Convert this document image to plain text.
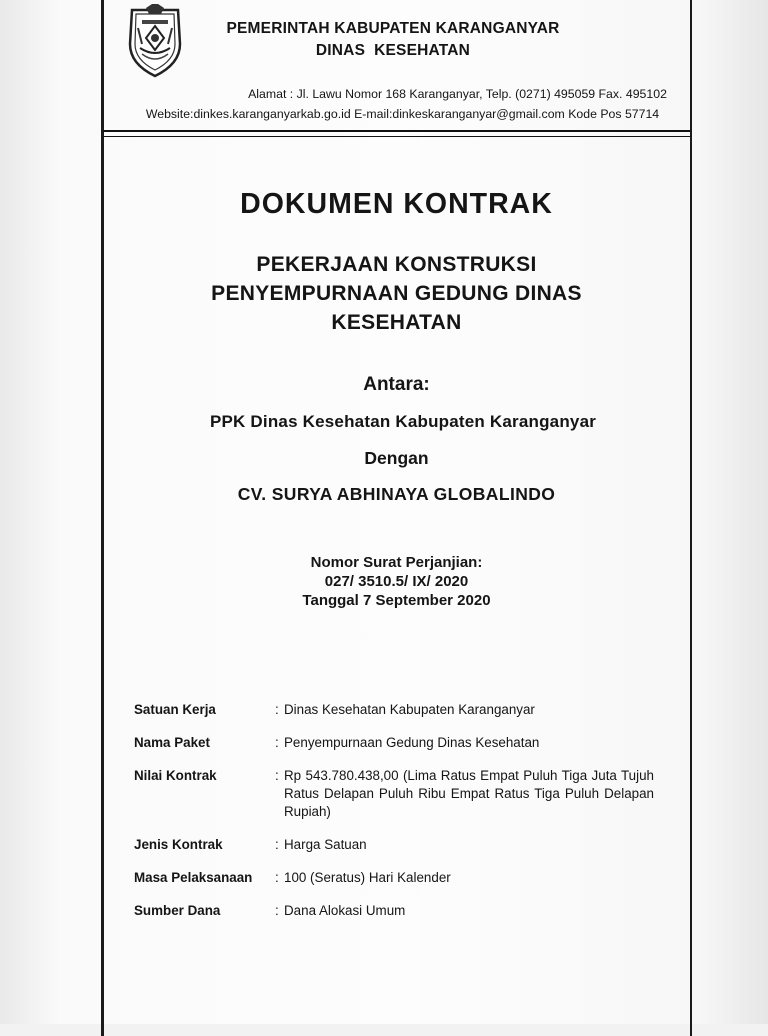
PEMERINTAH KABUPATEN KARANGANYAR
DINAS  KESEHATAN
Alamat : Jl. Lawu Nomor 168 Karanganyar, Telp. (0271) 495059 Fax. 495102
Website:dinkes.karanganyarkab.go.id E-mail:dinkeskaranganyar@gmail.com Kode Pos 57714
DOKUMEN KONTRAK
PEKERJAAN KONSTRUKSI
PENYEMPURNAAN GEDUNG DINAS
KESEHATAN
Antara:
PPK Dinas Kesehatan Kabupaten Karanganyar
Dengan
CV. SURYA ABHINAYA GLOBALINDO
Nomor Surat Perjanjian:
027/ 3510.5/ IX/ 2020
Tanggal 7 September 2020
Satuan Kerja	: Dinas Kesehatan Kabupaten Karanganyar
Nama Paket	: Penyempurnaan Gedung Dinas Kesehatan
Nilai Kontrak	: Rp 543.780.438,00 (Lima Ratus Empat Puluh Tiga Juta Tujuh Ratus Delapan Puluh Ribu Empat Ratus Tiga Puluh Delapan Rupiah)
Jenis Kontrak	: Harga Satuan
Masa Pelaksanaan	: 100 (Seratus) Hari Kalender
Sumber Dana	: Dana Alokasi Umum
